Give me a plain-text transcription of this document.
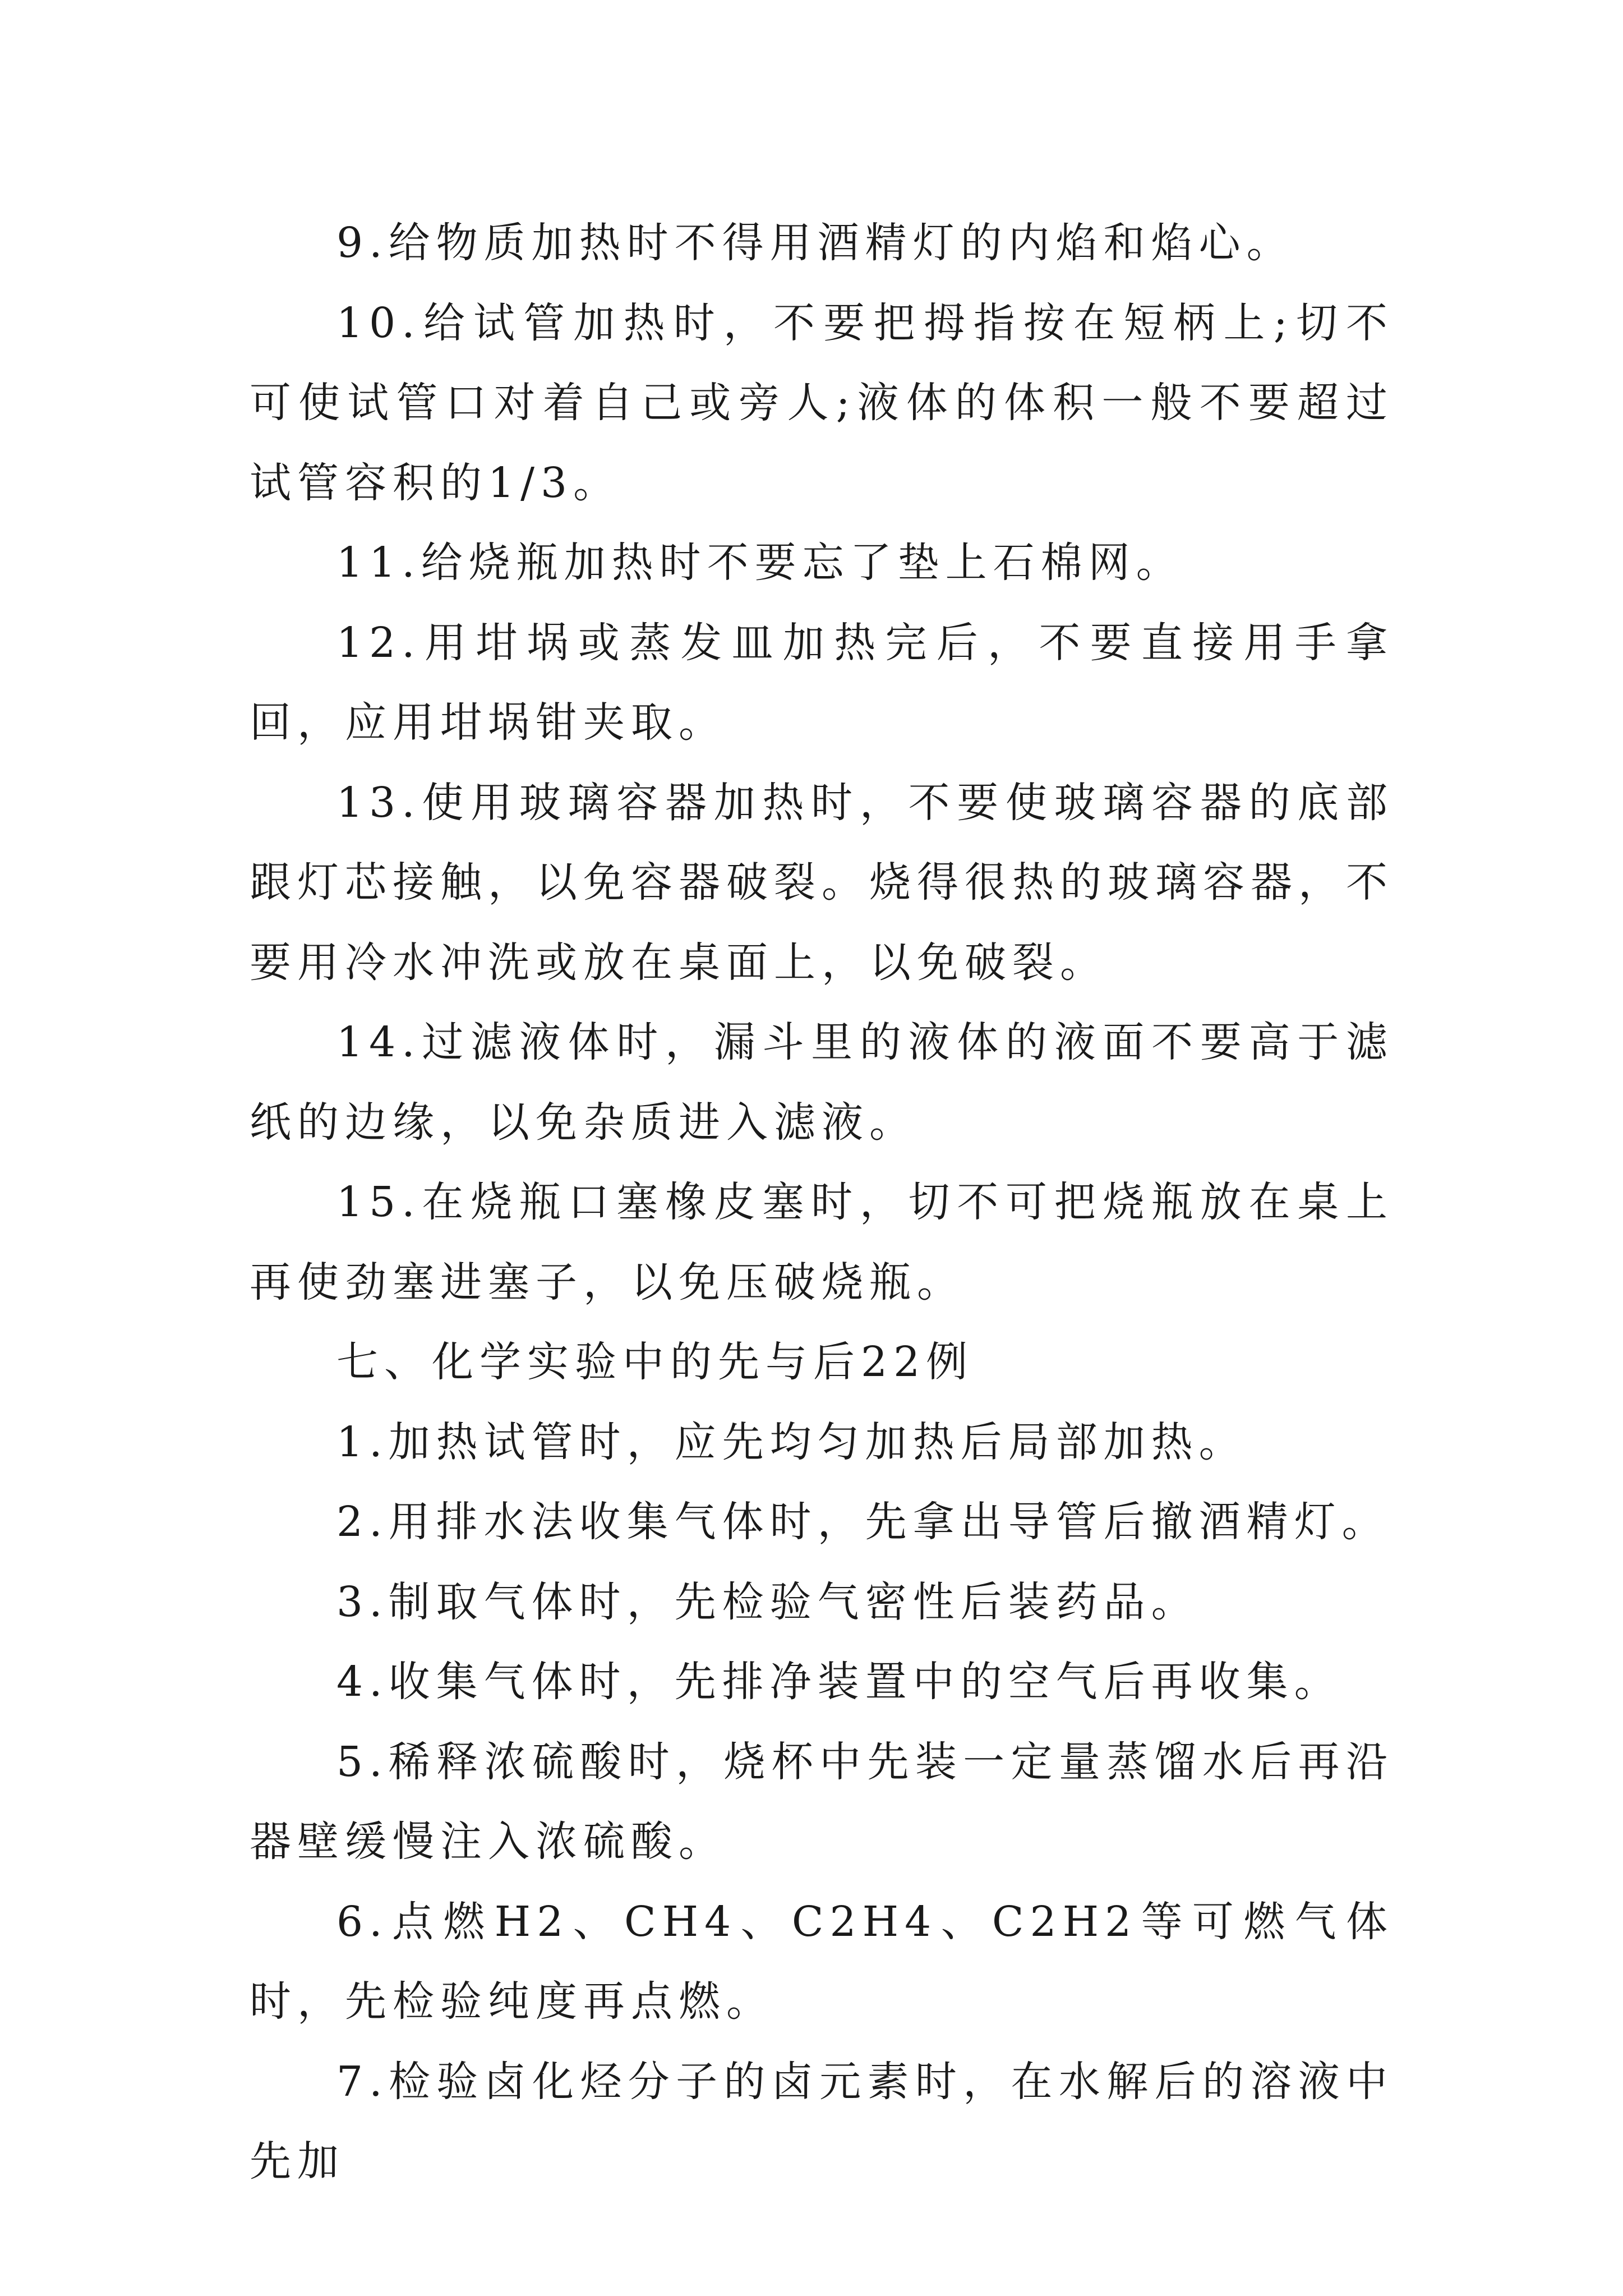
9.给物质加热时不得用酒精灯的内焰和焰心。

10.给试管加热时，不要把拇指按在短柄上;切不可使试管口对着自己或旁人;液体的体积一般不要超过试管容积的1/3。

11.给烧瓶加热时不要忘了垫上石棉网。

12.用坩埚或蒸发皿加热完后，不要直接用手拿回，应用坩埚钳夹取。

13.使用玻璃容器加热时，不要使玻璃容器的底部跟灯芯接触，以免容器破裂。烧得很热的玻璃容器，不要用冷水冲洗或放在桌面上，以免破裂。

14.过滤液体时，漏斗里的液体的液面不要高于滤纸的边缘，以免杂质进入滤液。

15.在烧瓶口塞橡皮塞时，切不可把烧瓶放在桌上再使劲塞进塞子，以免压破烧瓶。

七、化学实验中的先与后22例

1.加热试管时，应先均匀加热后局部加热。

2.用排水法收集气体时，先拿出导管后撤酒精灯。

3.制取气体时，先检验气密性后装药品。

4.收集气体时，先排净装置中的空气后再收集。

5.稀释浓硫酸时，烧杯中先装一定量蒸馏水后再沿器壁缓慢注入浓硫酸。

6.点燃H2、CH4、C2H4、C2H2等可燃气体时，先检验纯度再点燃。

7.检验卤化烃分子的卤元素时，在水解后的溶液中先加
